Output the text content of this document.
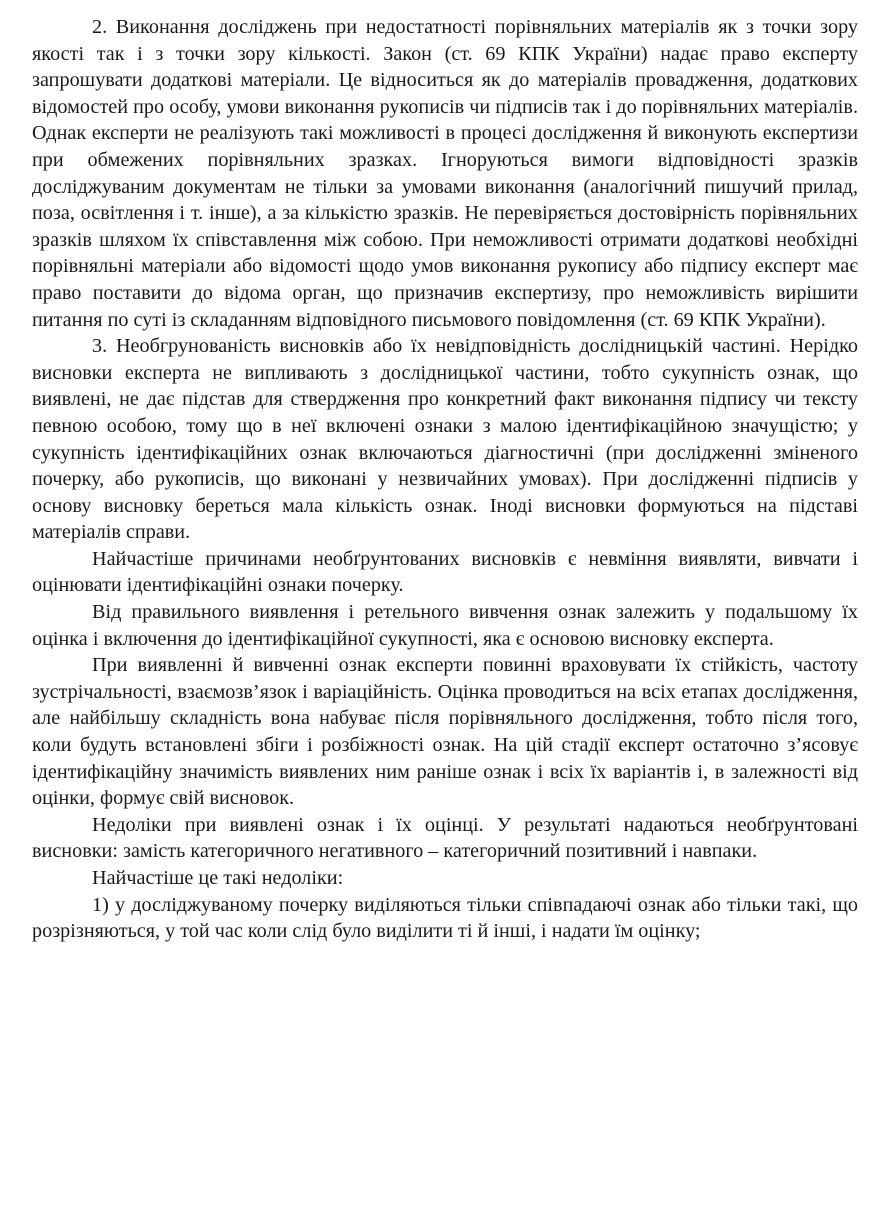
2. Виконання досліджень при недостатності порівняльних матеріалів як з точки зору якості так і з точки зору кількості. Закон (ст. 69 КПК України) надає право експерту запрошувати додаткові матеріали. Це відноситься як до матеріалів провадження, додаткових відомостей про особу, умови виконання рукописів чи підписів так і до порівняльних матеріалів. Однак експерти не реалізують такі можливості в процесі дослідження й виконують експертизи при обмежених порівняльних зразках. Ігноруються вимоги відповідності зразків досліджуваним документам не тільки за умовами виконання (аналогічний пишучий прилад, поза, освітлення і т. інше), а за кількістю зразків. Не перевіряється достовірність порівняльних зразків шляхом їх співставлення між собою. При неможливості отримати додаткові необхідні порівняльні матеріали або відомості щодо умов виконання рукопису або підпису експерт має право поставити до відома орган, що призначив експертизу, про неможливість вирішити питання по суті із складанням відповідного письмового повідомлення (ст. 69 КПК України).

3. Необгрунованість висновків або їх невідповідність дослідницькій частині. Нерідко висновки експерта не випливають з дослідницької частини, тобто сукупність ознак, що виявлені, не дає підстав для ствердження про конкретний факт виконання підпису чи тексту певною особою, тому що в неї включені ознаки з малою ідентифікаційною значущістю; у сукупність ідентифікаційних ознак включаються діагностичні (при дослідженні зміненого почерку, або рукописів, що виконані у незвичайних умовах). При дослідженні підписів у основу висновку береться мала кількість ознак. Іноді висновки формуються на підставі матеріалів справи.

Найчастіше причинами необґрунтованих висновків є невміння виявляти, вивчати і оцінювати ідентифікаційні ознаки почерку.

Від правильного виявлення і ретельного вивчення ознак залежить у подальшому їх оцінка і включення до ідентифікаційної сукупності, яка є основою висновку експерта.

При виявленні й вивченні ознак експерти повинні враховувати їх стійкість, частоту зустрічальності, взаємозв’язок і варіаційність. Оцінка проводиться на всіх етапах дослідження, але найбільшу складність вона набуває після порівняльного дослідження, тобто після того, коли будуть встановлені збіги і розбіжності ознак. На цій стадії експерт остаточно з’ясовує ідентифікаційну значимість виявлених ним раніше ознак і всіх їх варіантів і, в залежності від оцінки, формує свій висновок.

Недоліки при виявлені ознак і їх оцінці. У результаті надаються необґрунтовані висновки: замість категоричного негативного – категоричний позитивний і навпаки.

Найчастіше це такі недоліки:

1) у досліджуваному почерку виділяються тільки співпадаючі ознак або тільки такі, що розрізняються, у той час коли слід було виділити ті й інші, і надати їм оцінку;
